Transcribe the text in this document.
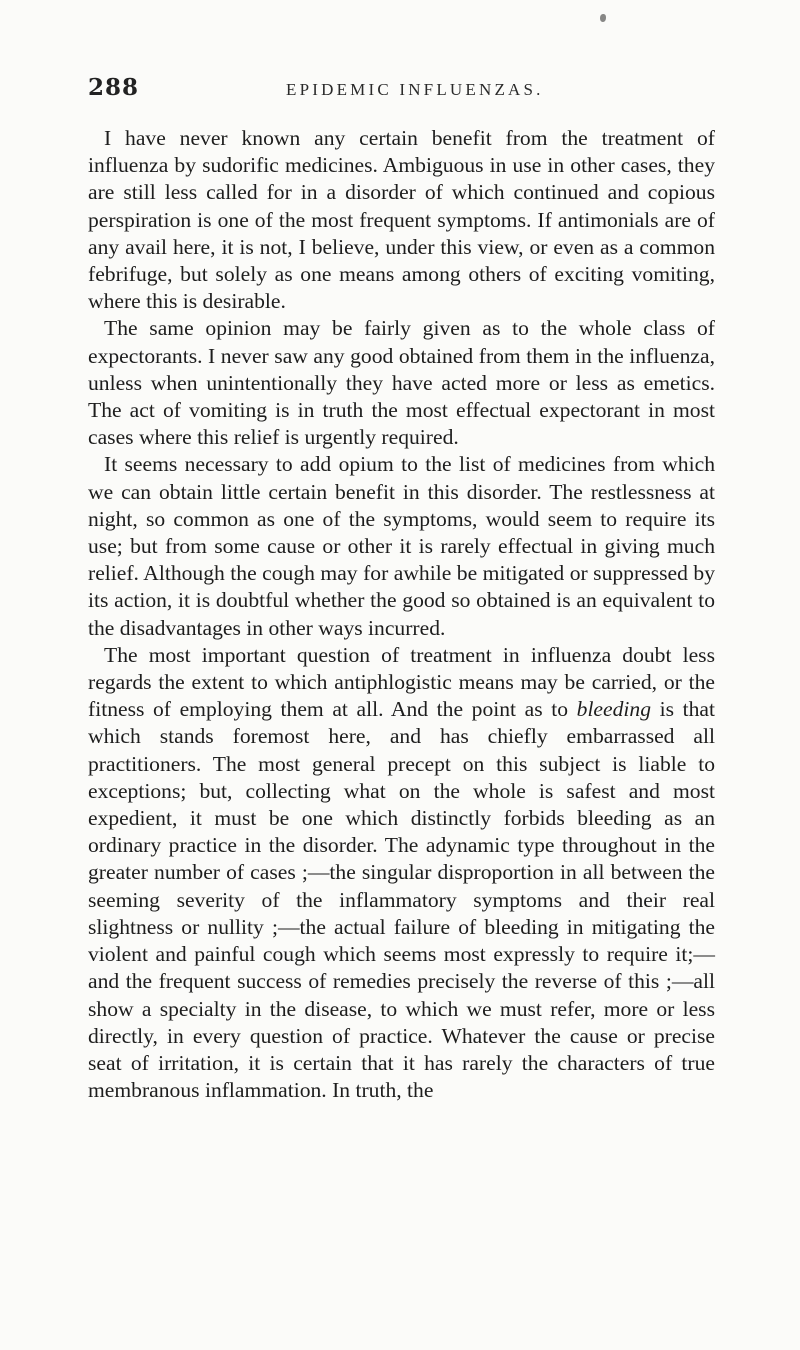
288	EPIDEMIC INFLUENZAS.

I have never known any certain benefit from the treatment of influenza by sudorific medicines. Ambiguous in use in other cases, they are still less called for in a disorder of which continued and copious perspiration is one of the most frequent symptoms. If antimonials are of any avail here, it is not, I believe, under this view, or even as a common febrifuge, but solely as one means among others of exciting vomiting, where this is desirable.

The same opinion may be fairly given as to the whole class of expectorants. I never saw any good obtained from them in the influenza, unless when unintentionally they have acted more or less as emetics. The act of vomiting is in truth the most effectual expectorant in most cases where this relief is urgently required.

It seems necessary to add opium to the list of medicines from which we can obtain little certain benefit in this disorder. The restlessness at night, so common as one of the symptoms, would seem to require its use; but from some cause or other it is rarely effectual in giving much relief. Although the cough may for awhile be mitigated or suppressed by its action, it is doubtful whether the good so obtained is an equivalent to the disadvantages in other ways incurred.

The most important question of treatment in influenza doubt less regards the extent to which antiphlogistic means may be carried, or the fitness of employing them at all. And the point as to bleeding is that which stands foremost here, and has chiefly embarrassed all practitioners. The most general precept on this subject is liable to exceptions; but, collecting what on the whole is safest and most expedient, it must be one which distinctly forbids bleeding as an ordinary practice in the disorder. The adynamic type throughout in the greater number of cases ;—the singular disproportion in all between the seeming severity of the inflammatory symptoms and their real slightness or nullity ;—the actual failure of bleeding in mitigating the violent and painful cough which seems most expressly to require it;—and the frequent success of remedies precisely the reverse of this ;—all show a specialty in the disease, to which we must refer, more or less directly, in every question of practice. Whatever the cause or precise seat of irritation, it is certain that it has rarely the characters of true membranous inflammation. In truth, the
